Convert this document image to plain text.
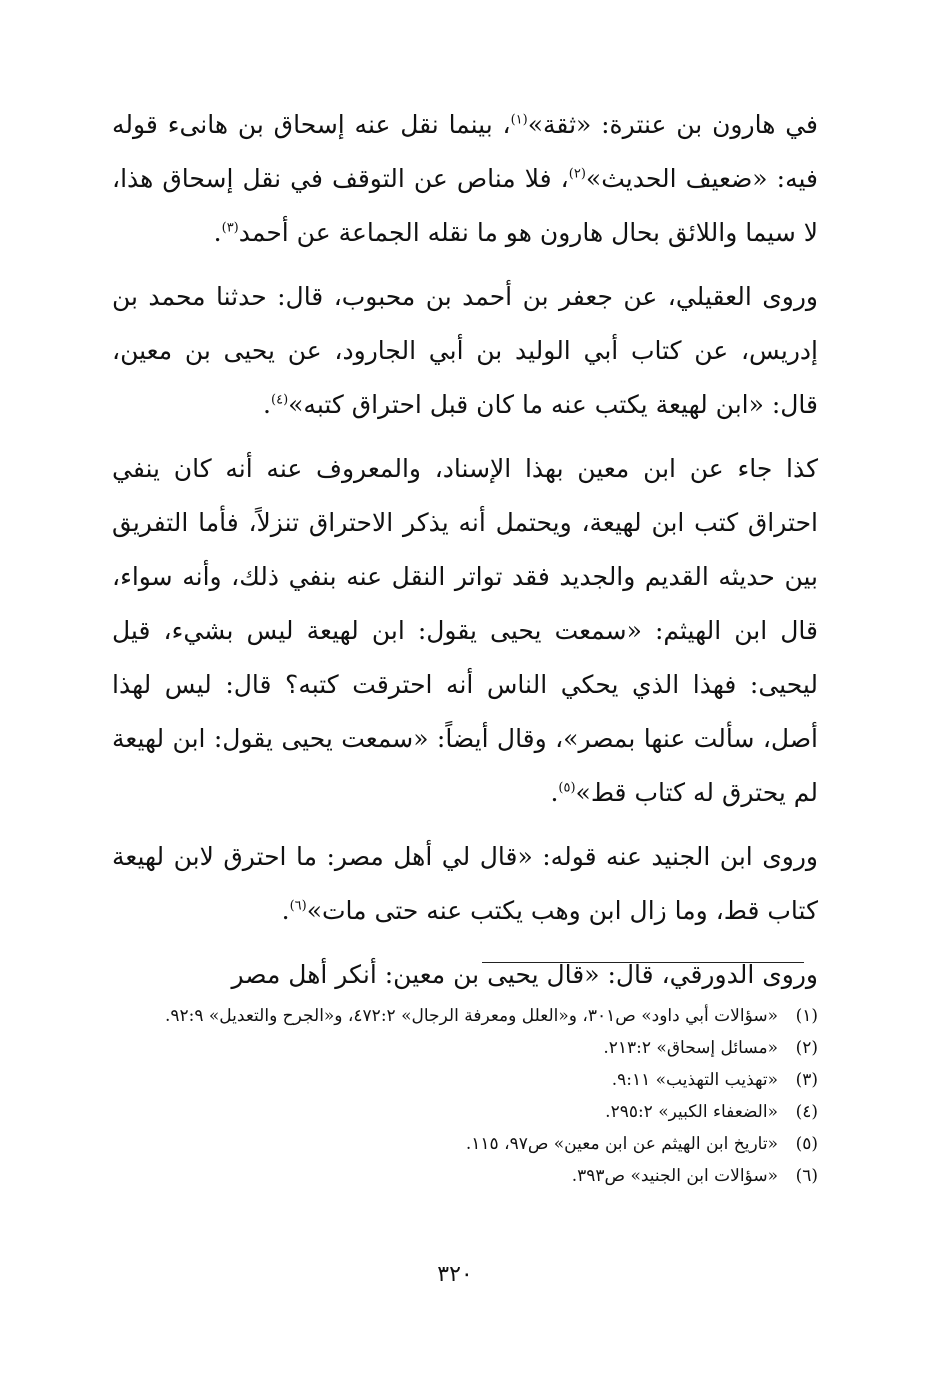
في هارون بن عنترة: «ثقة»$^{(١)}$، بينما نقل عنه إسحاق بن هانىء قوله فيه: «ضعيف الحديث»$^{(٢)}$، فلا مناص عن التوقف في نقل إسحاق هذا، لا سيما واللائق بحال هارون هو ما نقله الجماعة عن أحمد$^{(٣)}$.

وروى العقيلي، عن جعفر بن أحمد بن محبوب، قال: حدثنا محمد بن إدريس، عن كتاب أبي الوليد بن أبي الجارود، عن يحيى بن معين، قال: «ابن لهيعة يكتب عنه ما كان قبل احتراق كتبه»$^{(٤)}$.

كذا جاء عن ابن معين بهذا الإسناد، والمعروف عنه أنه كان ينفي احتراق كتب ابن لهيعة، ويحتمل أنه يذكر الاحتراق تنزلاً، فأما التفريق بين حديثه القديم والجديد فقد تواتر النقل عنه بنفي ذلك، وأنه سواء، قال ابن الهيثم: «سمعت يحيى يقول: ابن لهيعة ليس بشيء، قيل ليحيى: فهذا الذي يحكي الناس أنه احترقت كتبه؟ قال: ليس لهذا أصل، سألت عنها بمصر»، وقال أيضاً: «سمعت يحيى يقول: ابن لهيعة لم يحترق له كتاب قط»$^{(٥)}$.

وروى ابن الجنيد عنه قوله: «قال لي أهل مصر: ما احترق لابن لهيعة كتاب قط، وما زال ابن وهب يكتب عنه حتى مات»$^{(٦)}$.

وروى الدورقي، قال: «قال يحيى بن معين: أنكر أهل مصر

(١)
«سؤالات أبي داود» ص٣٠١، و«العلل ومعرفة الرجال» ٤٧٢:٢، و«الجرح والتعديل» ٩٢:٩.
(٢)
«مسائل إسحاق» ٢١٣:٢.
(٣)
«تهذيب التهذيب» ٩:١١.
(٤)
«الضعفاء الكبير» ٢٩٥:٢.
(٥)
«تاريخ ابن الهيثم عن ابن معين» ص٩٧، ١١٥.
(٦)
«سؤالات ابن الجنيد» ص٣٩٣.
٣٢٠
